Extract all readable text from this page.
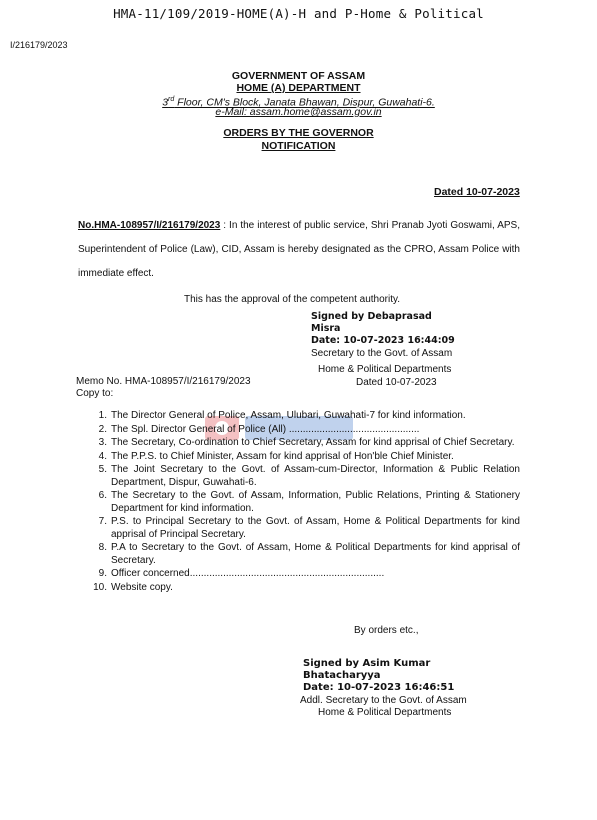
HMA-11/109/2019-HOME(A)-H and P-Home & Political
I/216179/2023
GOVERNMENT OF ASSAM
HOME (A) DEPARTMENT
3rd Floor, CM's Block, Janata Bhawan, Dispur, Guwahati-6.
e-Mail: assam.home@assam.gov.in
ORDERS BY THE GOVERNOR
NOTIFICATION
Dated 10-07-2023
No.HMA-108957/I/216179/2023 : In the interest of public service, Shri Pranab Jyoti Goswami, APS, Superintendent of Police (Law), CID, Assam is hereby designated as the CPRO, Assam Police with immediate effect.
This has the approval of the competent authority.
Signed by Debaprasad
Misra
Date: 10-07-2023 16:44:09
Secretary to the Govt. of Assam
Home & Political Departments
Dated 10-07-2023
Memo No. HMA-108957/I/216179/2023
Copy to:
1. The Director General of Police, Assam, Ulubari, Guwahati-7 for kind information.
2. The Spl. Director General of Police (All) ...............................................
3. The Secretary, Co-ordination to Chief Secretary, Assam for kind apprisal of Chief Secretary.
4. The P.P.S. to Chief Minister, Assam for kind apprisal of Hon'ble Chief Minister.
5. The Joint Secretary to the Govt. of Assam-cum-Director, Information & Public Relation Department, Dispur, Guwahati-6.
6. The Secretary to the Govt. of Assam, Information, Public Relations, Printing & Stationery Department for kind information.
7. P.S. to Principal Secretary to the Govt. of Assam, Home & Political Departments for kind apprisal of Principal Secretary.
8. P.A to Secretary to the Govt. of Assam, Home & Political Departments for kind apprisal of Secretary.
9. Officer concerned......................................................................
10. Website copy.
By orders etc.,
Signed by Asim Kumar
Bhatacharyya
Date: 10-07-2023 16:46:51
Addl. Secretary to the Govt. of Assam
Home & Political Departments
